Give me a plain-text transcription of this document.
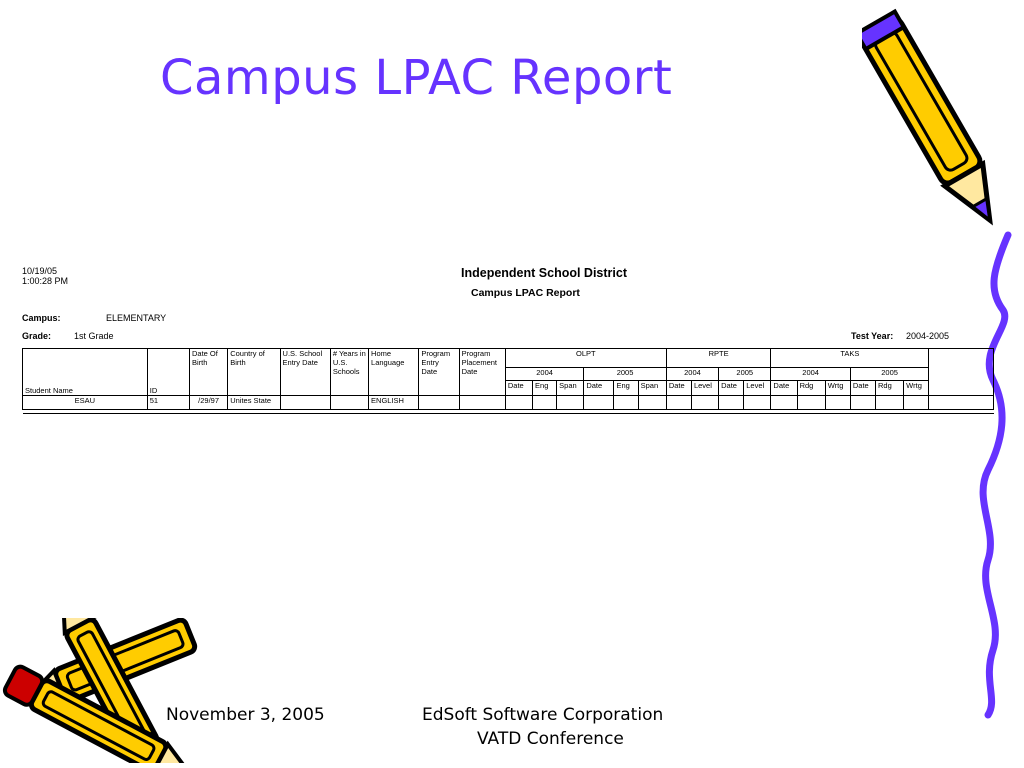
Campus LPAC Report
10/19/05
1:00:28 PM
Independent School District
Campus LPAC Report
Campus:	ELEMENTARY
Grade:	1st Grade	Test Year: 2004-2005
Student Name	ID	Date Of Birth	Country of Birth	U.S. School Entry Date	# Years in U.S. Schools	Home Language	Program Entry Date	Program Placement Date	OLPT						RPTE				TAKS						
									2004			2005			2004		2005		2004			2005			
									Date	Eng	Span	Date	Eng	Span	Date	Level	Date	Level	Date	Rdg	Wrtg	Date	Rdg	Wrtg	
ESAU	51	/29/97	Unites State			ENGLISH																			

November 3, 2005	EdSoft Software Corporation
VATD Conference
